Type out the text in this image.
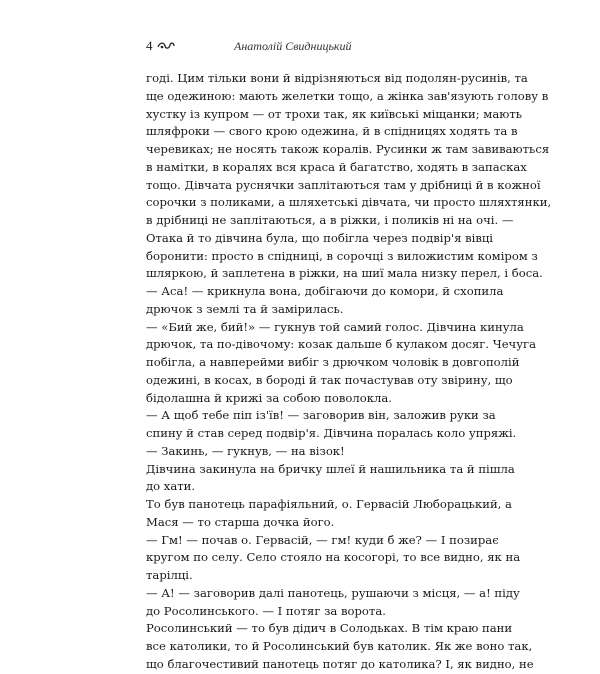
4	Анатолій Свидницький
годі. Цим тільки вони й відрізняються від подолян-русинів, та
ще одежиною: мають желетки тощо, а жінка зав'язують голову в
хустку із купром — от трохи так, як київські міщанки; мають
шляфроки — свого крою одежина, й в спідницях ходять та в
черевиках; не носять також коралів. Русинки ж там завиваються
в намітки, в коралях вся краса й багатство, ходять в запасках
тощо. Дівчата руснячки заплітаються там у дрібниці й в кожної
сорочки з поликами, а шляхетські дівчата, чи просто шляхтянки,
в дрібниці не заплітаються, а в ріжки, і поликів ні на очі. —
Отака й то дівчина була, що побігла через подвір'я вівці
боронити: просто в спідниці, в сорочці з виложистим коміром з
шляркою, й заплетена в ріжки, на шиї мала низку перел, і боса.
— Аса! — крикнула вона, добігаючи до комори, й схопила
дрючок з землі та й замірилась.
— «Бий же, бий!» — гукнув той самий голос. Дівчина кинула
дрючок, та по-дівочому: козак дальше б кулаком досяг. Чечуга
побігла, а навперейми вибіг з дрючком чоловік в довгополій
одежині, в косах, в бороді й так почастував оту звірину, що
бідолашна й крижі за собою поволокла.
— А щоб тебе піп із'їв! — заговорив він, заложив руки за
спину й став серед подвір'я. Дівчина поралась коло упряжі.
— Закинь, — гукнув, — на візок!
Дівчина закинула на бричку шлеї й нашильника та й пішла
до хати.
То був панотець парафіяльний, о. Гервасій Люборацький, а
Мася — то старша дочка його.
— Гм! — почав о. Гервасій, — гм! куди б же? — І позирає
кругом по селу. Село стояло на косогорі, то все видно, як на
тарілці.
— А! — заговорив далі панотець, рушаючи з місця, — а! піду
до Росолинського. — І потяг за ворота.
Росолинський — то був дідич в Солодьках. В тім краю пани
все католики, то й Росолинський був католик. Як же воно так,
що благочестивий панотець потяг до католика? І, як видно, не
